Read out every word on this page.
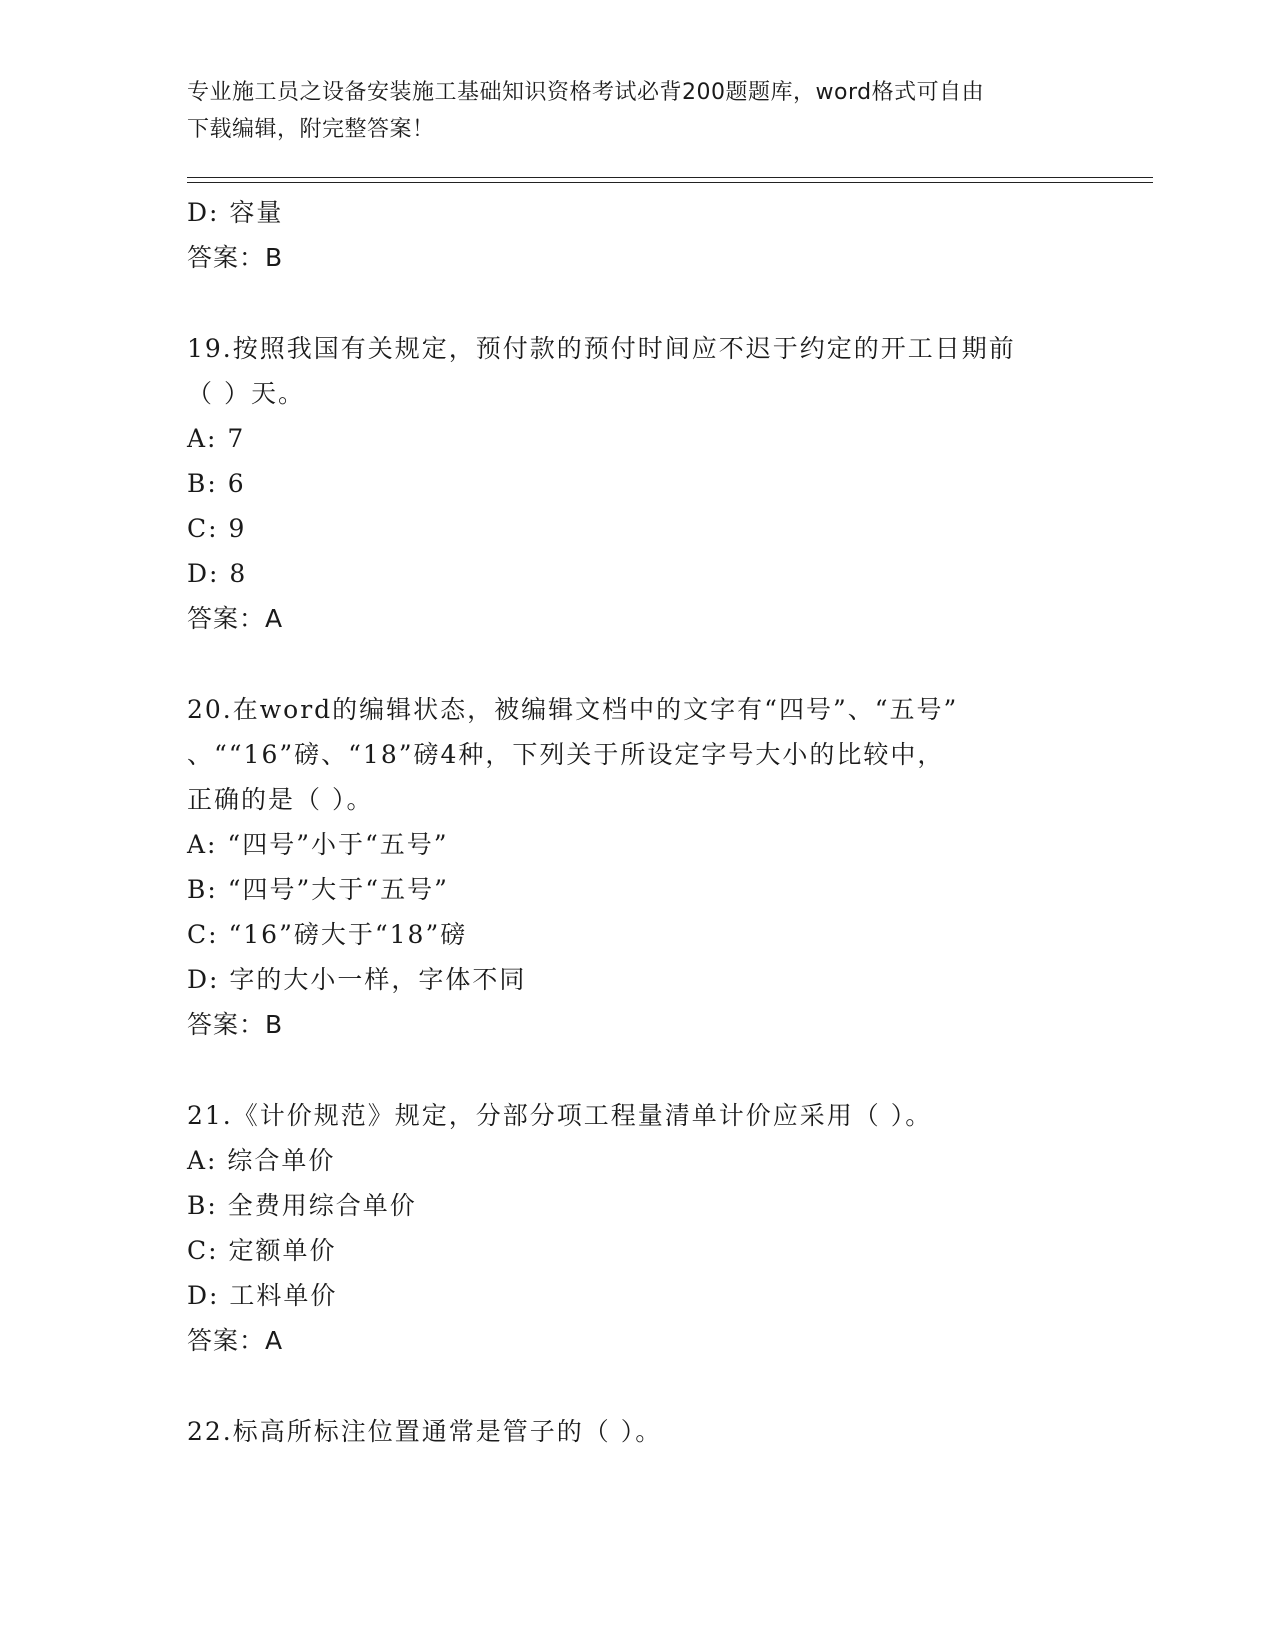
专业施工员之设备安装施工基础知识资格考试必背200题题库，word格式可自由
下载编辑，附完整答案！
D: 容量
答案：B
19.按照我国有关规定，预付款的预付时间应不迟于约定的开工日期前
（ ）天。
A: 7
B: 6
C: 9
D: 8
答案：A
20.在word的编辑状态，被编辑文档中的文字有“四号”、“五号”
、““16”磅、“18”磅4种，下列关于所设定字号大小的比较中，
正确的是（ ）。
A: “四号”小于“五号”
B: “四号”大于“五号”
C: “16”磅大于“18”磅
D: 字的大小一样，字体不同
答案：B
21.《计价规范》规定，分部分项工程量清单计价应采用（ ）。
A: 综合单价
B: 全费用综合单价
C: 定额单价
D: 工料单价
答案：A
22.标高所标注位置通常是管子的（ ）。
